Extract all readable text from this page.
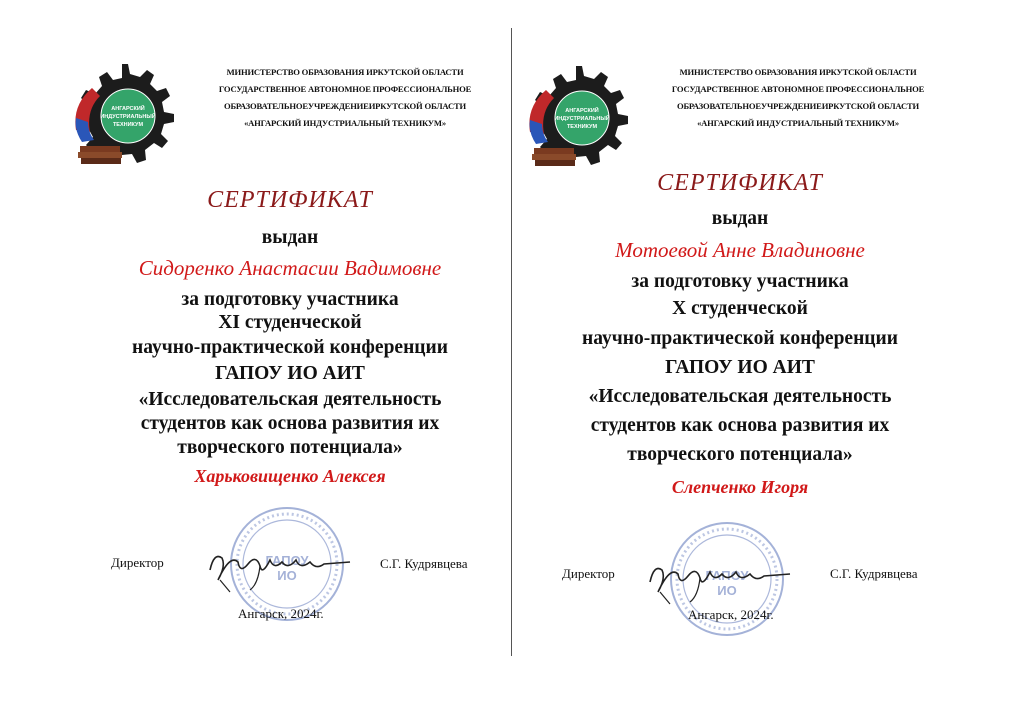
АНГАРСКИЙ
ИНДУСТРИАЛЬНЫЙ
ТЕХНИКУМ
МИНИСТЕРСТВО ОБРАЗОВАНИЯ ИРКУТСКОЙ ОБЛАСТИ
ГОСУДАРСТВЕННОЕ АВТОНОМНОЕ ПРОФЕССИОНАЛЬНОЕ
ОБРАЗОВАТЕЛЬНОЕУЧРЕЖДЕНИЕИРКУТСКОЙ ОБЛАСТИ
«АНГАРСКИЙ ИНДУСТРИАЛЬНЫЙ ТЕХНИКУМ»
СЕРТИФИКАТ
выдан
Сидоренко Анастасии Вадимовне
за подготовку участника
XI студенческой
научно-практической конференции
ГАПОУ ИО АИТ
«Исследовательская деятельность
студентов как основа развития их
творческого потенциала»
Харьковищенко Алексея
ГАПОУ
ИО
Директор	С.Г. Кудрявцева
Ангарск, 2024г.
АНГАРСКИЙ
ИНДУСТРИАЛЬНЫЙ
ТЕХНИКУМ
МИНИСТЕРСТВО ОБРАЗОВАНИЯ ИРКУТСКОЙ ОБЛАСТИ
ГОСУДАРСТВЕННОЕ АВТОНОМНОЕ ПРОФЕССИОНАЛЬНОЕ
ОБРАЗОВАТЕЛЬНОЕУЧРЕЖДЕНИЕИРКУТСКОЙ ОБЛАСТИ
«АНГАРСКИЙ ИНДУСТРИАЛЬНЫЙ ТЕХНИКУМ»
СЕРТИФИКАТ
выдан
Мотоевой Анне Владиновне
за подготовку участника
X студенческой
научно-практической конференции
ГАПОУ ИО АИТ
«Исследовательская деятельность
студентов как основа развития их
творческого потенциала»
Слепченко Игоря
ГАПОУ
ИО
Директор	С.Г. Кудрявцева
Ангарск, 2024г.
